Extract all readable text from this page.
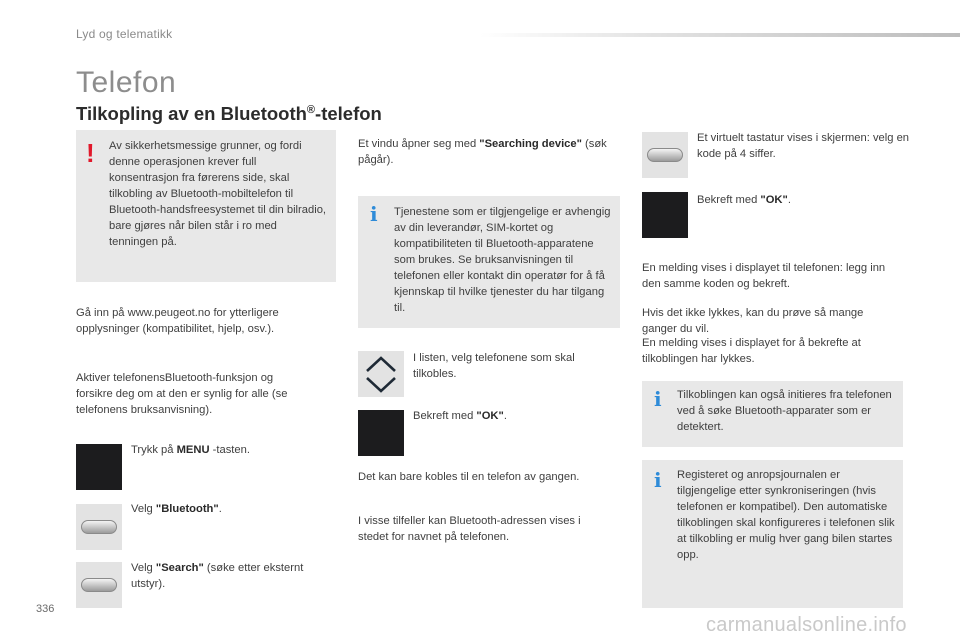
Lyd og telematikk
Telefon
Tilkopling av en Bluetooth®-telefon
! Av sikkerhetsmessige grunner, og fordi denne operasjonen krever full konsentrasjon fra førerens side, skal tilkobling av Bluetooth-mobiltelefon til Bluetooth-handsfreesystemet til din bilradio, bare gjøres når bilen står i ro med tenningen på.
Gå inn på www.peugeot.no for ytterligere opplysninger (kompatibilitet, hjelp, osv.).
Aktiver telefonensBluetooth-funksjon og forsikre deg om at den er synlig for alle (se telefonens bruksanvisning).
Trykk på MENU -tasten.
Velg "Bluetooth".
Velg "Search" (søke etter eksternt utstyr).
Et vindu åpner seg med "Searching device" (søk pågår).
i Tjenestene som er tilgjengelige er avhengig av din leverandør, SIM-kortet og kompatibiliteten til Bluetooth-apparatene som brukes. Se bruksanvisningen til telefonen eller kontakt din operatør for å få kjennskap til hvilke tjenester du har tilgang til.
I listen, velg telefonene som skal tilkobles.
Bekreft med "OK".
Det kan bare kobles til en telefon av gangen.
I visse tilfeller kan Bluetooth-adressen vises i stedet for navnet på telefonen.
Et virtuelt tastatur vises i skjermen: velg en kode på 4 siffer.
Bekreft med "OK".
En melding vises i displayet til telefonen: legg inn den samme koden og bekreft.
Hvis det ikke lykkes, kan du prøve så mange ganger du vil.
En melding vises i displayet for å bekrefte at tilkoblingen har lykkes.
i Tilkoblingen kan også initieres fra telefonen ved å søke Bluetooth-apparater som er detektert.
i Registeret og anropsjournalen er tilgjengelige etter synkroniseringen (hvis telefonen er kompatibel). Den automatiske tilkoblingen skal konfigureres i telefonen slik at tilkobling er mulig hver gang bilen startes opp.
336
carmanualsonline.info
